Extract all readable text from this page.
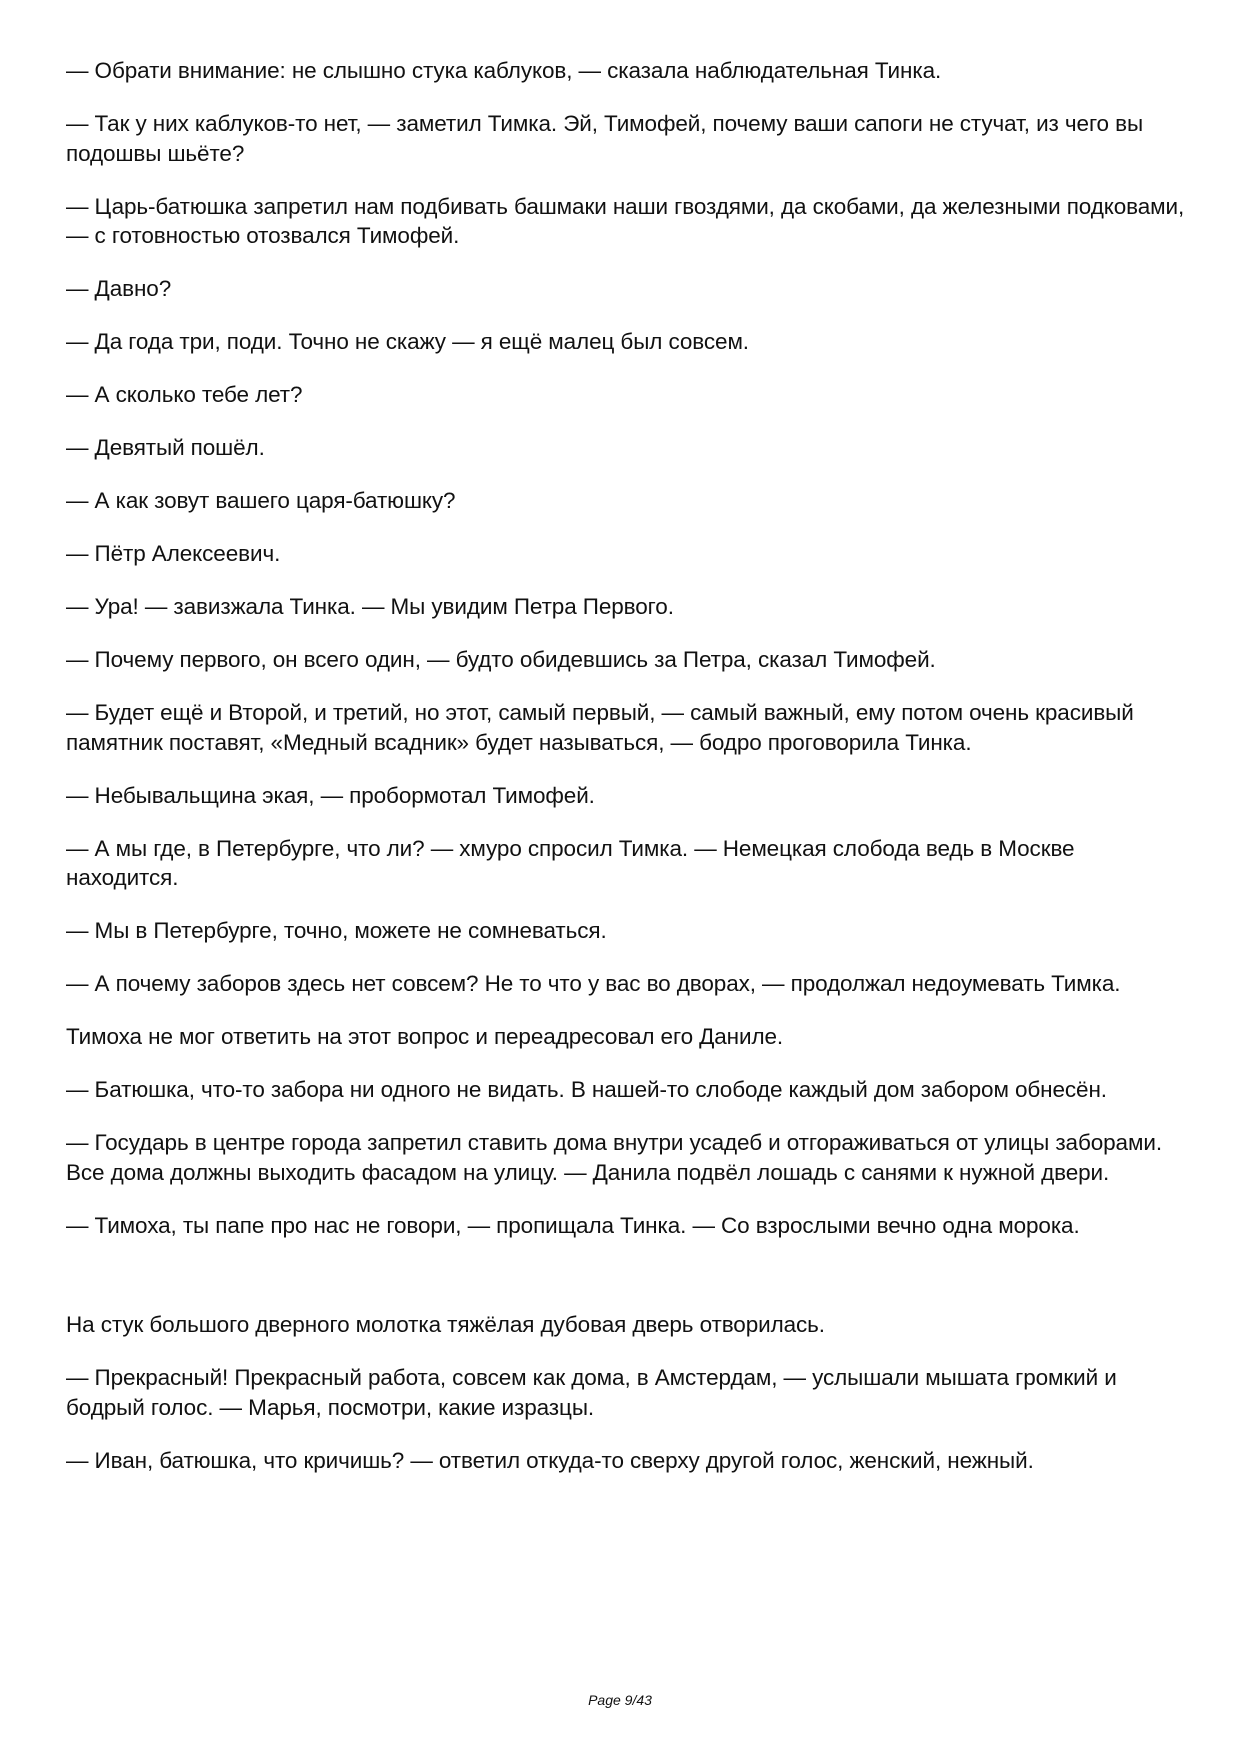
— Обрати внимание: не слышно стука каблуков, — сказала наблюдательная Тинка.

— Так у них каблуков-то нет, — заметил Тимка. Эй, Тимофей, почему ваши сапоги не стучат, из чего вы подошвы шьёте?

— Царь-батюшка запретил нам подбивать башмаки наши гвоздями, да скобами, да железными подковами, — с готовностью отозвался Тимофей.

— Давно?

— Да года три, поди. Точно не скажу — я ещё малец был совсем.

— А сколько тебе лет?

— Девятый пошёл.

— А как зовут вашего царя-батюшку?

— Пётр Алексеевич.

— Ура! — завизжала Тинка. — Мы увидим Петра Первого.

— Почему первого, он всего один, — будто обидевшись за Петра, сказал Тимофей.

— Будет ещё и Второй, и третий, но этот, самый первый, — самый важный, ему потом очень красивый памятник поставят, «Медный всадник» будет называться, — бодро проговорила Тинка.

— Небывальщина экая, — пробормотал Тимофей.

— А мы где, в Петербурге, что ли? — хмуро спросил Тимка. — Немецкая слобода ведь в Москве находится.

— Мы в Петербурге, точно, можете не сомневаться.

— А почему заборов здесь нет совсем? Не то что у вас во дворах, — продолжал недоумевать Тимка.

Тимоха не мог ответить на этот вопрос и переадресовал его Даниле.

— Батюшка, что-то забора ни одного не видать. В нашей-то слободе каждый дом забором обнесён.

— Государь в центре города запретил ставить дома внутри усадеб и отгораживаться от улицы заборами. Все дома должны выходить фасадом на улицу. — Данила подвёл лошадь с санями к нужной двери.

— Тимоха, ты папе про нас не говори, — пропищала Тинка. — Со взрослыми вечно одна морока.

На стук большого дверного молотка тяжёлая дубовая дверь отворилась.

— Прекрасный! Прекрасный работа, совсем как дома, в Амстердам, — услышали мышата громкий и бодрый голос. — Марья, посмотри, какие изразцы.

— Иван, батюшка, что кричишь? — ответил откуда-то сверху другой голос, женский, нежный.

Page 9/43
